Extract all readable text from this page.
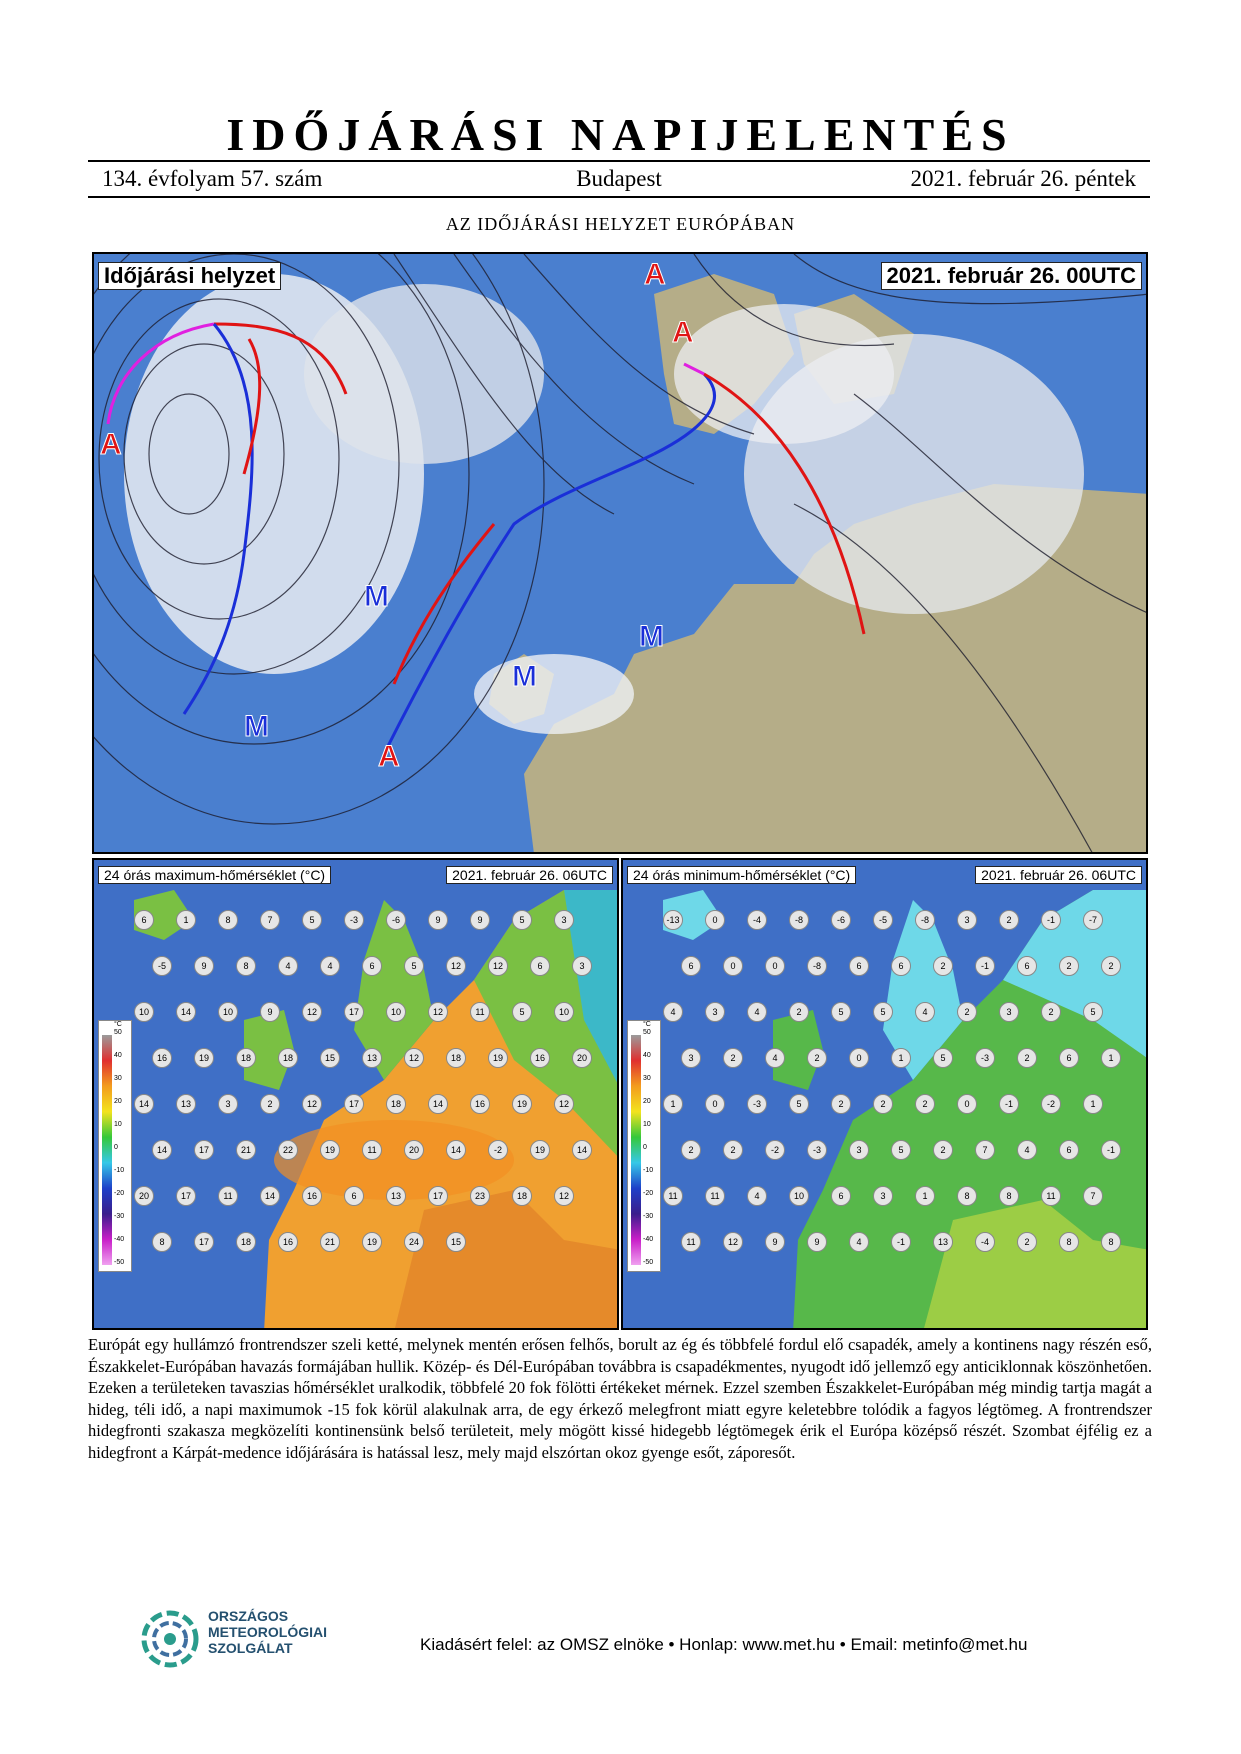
IDŐJÁRÁSI NAPIJELENTÉS
Budapest
134. évfolyam 57. szám	2021. február 26. péntek
AZ IDŐJÁRÁSI HELYZET EURÓPÁBAN
A
A
A
A
M
M
M
M
Időjárási helyzet	2021. február 26. 00UTC
24 órás maximum-hőmérséklet (°C)	2021. február 26. 06UTC
°C
50
40
30
20
10
0
-10
-20
-30
-40
-50
6	1	8	7	5	-3	-6	9	9	5	3
-5	9	8	4	4	6	5	12	12	6	3
10	14	10	9	12	17	10	12	11	5	10
16	19	18	18	15	13	12	18	19	16	20
14	13	3	2	12	17	18	14	16	19	12
14	17	21	22	19	11	20	14	-2	19	14
20	17	11	14	16	6	13	17	23	18	12
8	17	18	16	21	19	24	15
24 órás minimum-hőmérséklet (°C)	2021. február 26. 06UTC
°C
50
40
30
20
10
0
-10
-20
-30
-40
-50
-13	0	-4	-8	-6	-5	-8	3	2	-1	-7
6	0	0	-8	6	6	2	-1	6	2	2
4	3	4	2	5	5	4	2	3	2	5
3	2	4	2	0	1	5	-3	2	6	1
1	0	-3	5	2	2	2	0	-1	-2	1
2	2	-2	-3	3	5	2	7	4	6	-1
11	11	4	10	6	3	1	8	8	11	7
11	12	9	9	4	-1	13	-4	2	8	8
Európát egy hullámzó frontrendszer szeli ketté, melynek mentén erősen felhős, borult az ég és többfelé fordul elő csapadék, amely a kontinens nagy részén eső, Északkelet-Európában havazás formájában hullik. Közép- és Dél-Európában továbbra is csapadékmentes, nyugodt idő jellemző egy anticiklonnak köszönhetően. Ezeken a területeken tavaszias hőmérséklet uralkodik, többfelé 20 fok fölötti értékeket mérnek. Ezzel szemben Északkelet-Európában még mindig tartja magát a hideg, téli idő, a napi maximumok -15 fok körül alakulnak arra, de egy érkező melegfront miatt egyre keletebbre tolódik a fagyos légtömeg. A frontrendszer hidegfronti szakasza megközelíti kontinensünk belső területeit, mely mögött kissé hidegebb légtömegek érik el Európa középső részét. Szombat éjfélig ez a hidegfront a Kárpát-medence időjárására is hatással lesz, mely majd elszórtan okoz gyenge esőt, záporesőt.
ORSZÁGOS
METEOROLÓGIAI
SZOLGÁLAT	Kiadásért felel: az OMSZ elnöke • Honlap: www.met.hu • Email: metinfo@met.hu
